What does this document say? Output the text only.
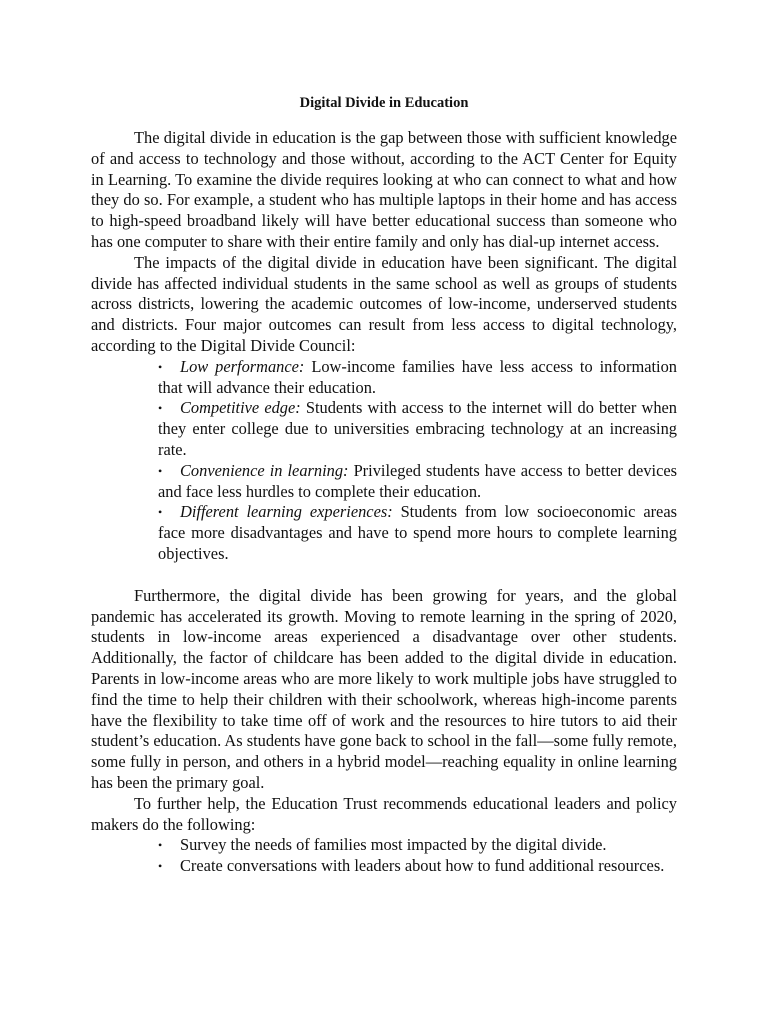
Digital Divide in Education

The digital divide in education is the gap between those with sufficient knowledge of and access to technology and those without, according to the ACT Center for Equity in Learning. To examine the divide requires looking at who can connect to what and how they do so. For example, a student who has multiple laptops in their home and has access to high-speed broadband likely will have better educational success than someone who has one computer to share with their entire family and only has dial-up internet access.

The impacts of the digital divide in education have been significant. The digital divide has affected individual students in the same school as well as groups of students across districts, lowering the academic outcomes of low-income, underserved students and districts. Four major outcomes can result from less access to digital technology, according to the Digital Divide Council:

• Low performance: Low-income families have less access to information that will advance their education.
• Competitive edge: Students with access to the internet will do better when they enter college due to universities embracing technology at an increasing rate.
• Convenience in learning: Privileged students have access to better devices and face less hurdles to complete their education.
• Different learning experiences: Students from low socioeconomic areas face more disadvantages and have to spend more hours to complete learning objectives.

Furthermore, the digital divide has been growing for years, and the global pandemic has accelerated its growth. Moving to remote learning in the spring of 2020, students in low-income areas experienced a disadvantage over other students. Additionally, the factor of childcare has been added to the digital divide in education. Parents in low-income areas who are more likely to work multiple jobs have struggled to find the time to help their children with their schoolwork, whereas high-income parents have the flexibility to take time off of work and the resources to hire tutors to aid their student’s education. As students have gone back to school in the fall—some fully remote, some fully in person, and others in a hybrid model—reaching equality in online learning has been the primary goal.

To further help, the Education Trust recommends educational leaders and policy makers do the following:

• Survey the needs of families most impacted by the digital divide.
• Create conversations with leaders about how to fund additional resources.
